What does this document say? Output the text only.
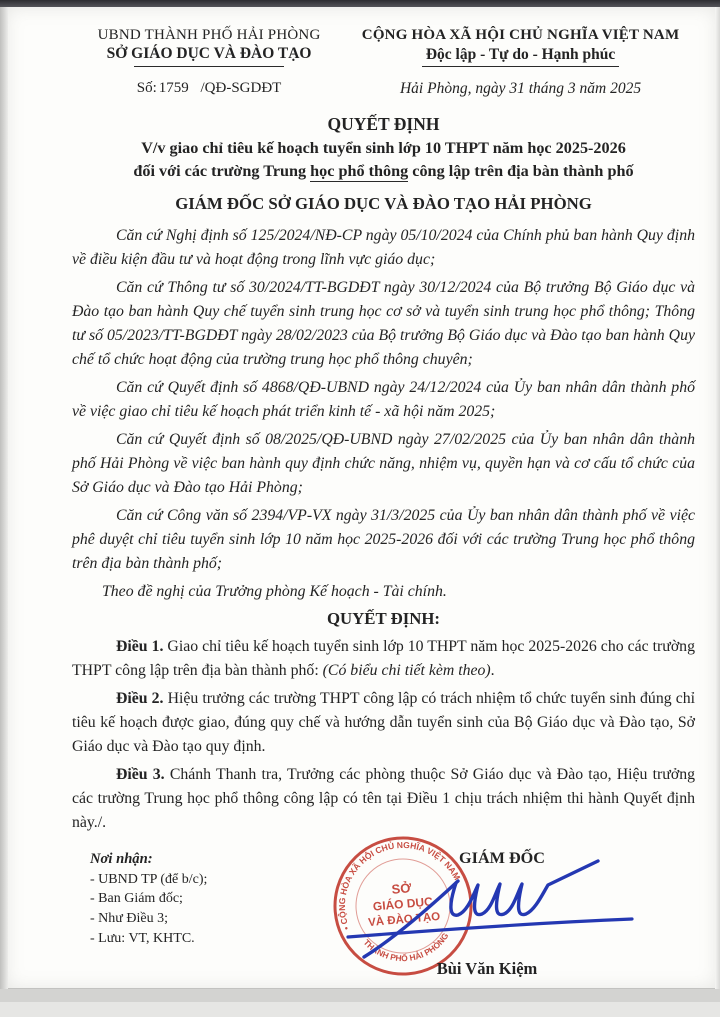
UBND THÀNH PHỐ HẢI PHÒNG
SỞ GIÁO DỤC VÀ ĐÀO TẠO
CỘNG HÒA XÃ HỘI CHỦ NGHĨA VIỆT NAM
Độc lập - Tự do - Hạnh phúc
Số: 1759 /QĐ-SGDĐT	Hải Phòng, ngày 31 tháng 3 năm 2025
QUYẾT ĐỊNH
V/v giao chỉ tiêu kế hoạch tuyển sinh lớp 10 THPT năm học 2025-2026
đối với các trường Trung học phổ thông công lập trên địa bàn thành phố
GIÁM ĐỐC SỞ GIÁO DỤC VÀ ĐÀO TẠO HẢI PHÒNG

Căn cứ Nghị định số 125/2024/NĐ-CP ngày 05/10/2024 của Chính phủ ban hành Quy định về điều kiện đầu tư và hoạt động trong lĩnh vực giáo dục;

Căn cứ Thông tư số 30/2024/TT-BGDĐT ngày 30/12/2024 của Bộ trưởng Bộ Giáo dục và Đào tạo ban hành Quy chế tuyển sinh trung học cơ sở và tuyển sinh trung học phổ thông; Thông tư số 05/2023/TT-BGDĐT ngày 28/02/2023 của Bộ trưởng Bộ Giáo dục và Đào tạo ban hành Quy chế tổ chức hoạt động của trường trung học phổ thông chuyên;

Căn cứ Quyết định số 4868/QĐ-UBND ngày 24/12/2024 của Ủy ban nhân dân thành phố về việc giao chỉ tiêu kế hoạch phát triển kinh tế - xã hội năm 2025;

Căn cứ Quyết định số 08/2025/QĐ-UBND ngày 27/02/2025 của Ủy ban nhân dân thành phố Hải Phòng về việc ban hành quy định chức năng, nhiệm vụ, quyền hạn và cơ cấu tổ chức của Sở Giáo dục và Đào tạo Hải Phòng;

Căn cứ Công văn số 2394/VP-VX ngày 31/3/2025 của Ủy ban nhân dân thành phố về việc phê duyệt chỉ tiêu tuyển sinh lớp 10 năm học 2025-2026 đối với các trường Trung học phổ thông trên địa bàn thành phố;

Theo đề nghị của Trưởng phòng Kế hoạch - Tài chính.

QUYẾT ĐỊNH:

Điều 1. Giao chỉ tiêu kế hoạch tuyển sinh lớp 10 THPT năm học 2025-2026 cho các trường THPT công lập trên địa bàn thành phố: (Có biểu chi tiết kèm theo).

Điều 2. Hiệu trưởng các trường THPT công lập có trách nhiệm tổ chức tuyển sinh đúng chỉ tiêu kế hoạch được giao, đúng quy chế và hướng dẫn tuyển sinh của Bộ Giáo dục và Đào tạo, Sở Giáo dục và Đào tạo quy định.

Điều 3. Chánh Thanh tra, Trưởng các phòng thuộc Sở Giáo dục và Đào tạo, Hiệu trưởng các trường Trung học phổ thông công lập có tên tại Điều 1 chịu trách nhiệm thi hành Quyết định này./.

Nơi nhận:
- UBND TP (để b/c);
- Ban Giám đốc;
- Như Điều 3;
- Lưu: VT, KHTC.
GIÁM ĐỐC
• CỘNG HÒA XÃ HỘI CHỦ NGHĨA VIỆT NAM
THÀNH PHỐ HẢI PHÒNG
SỞ
GIÁO DỤC
VÀ ĐÀO TẠO
Bùi Văn Kiệm
